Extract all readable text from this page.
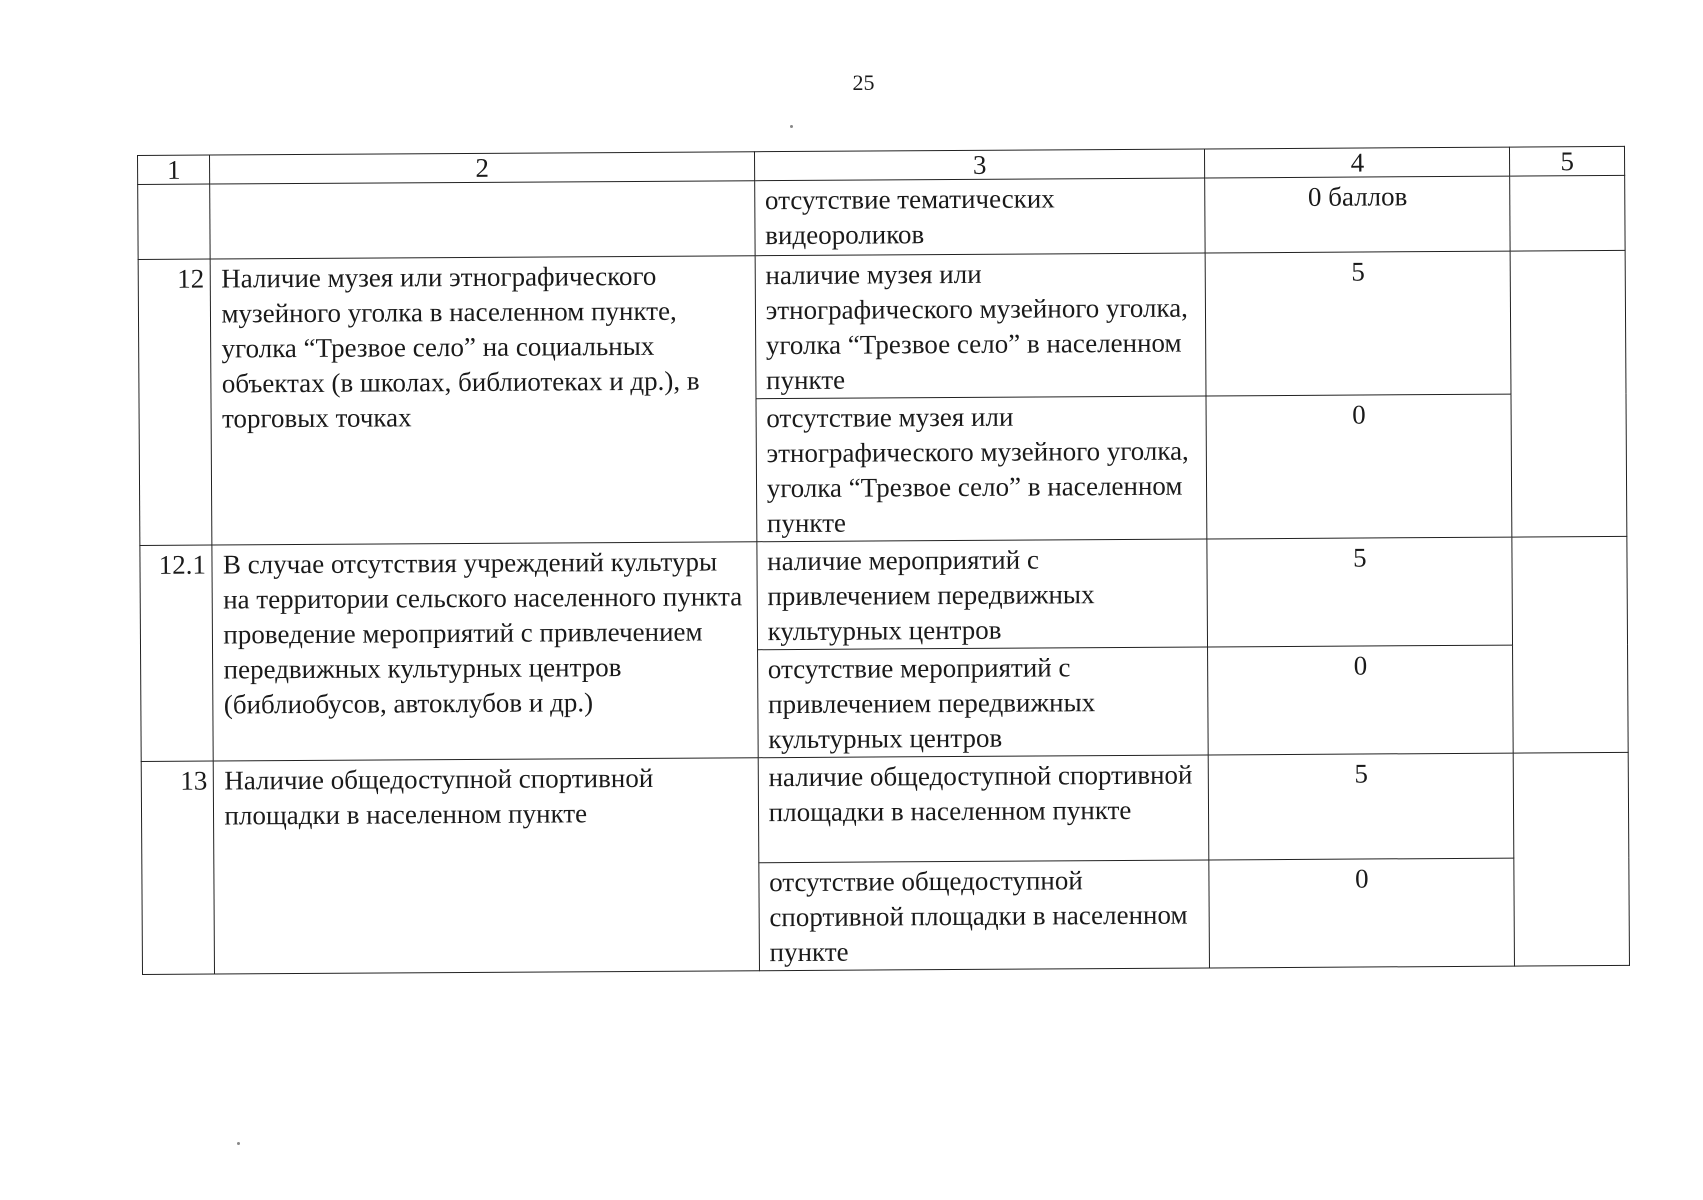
25
1	2	3	4	5
		отсутствие тематических видеороликов	0 баллов	
12	Наличие музея или этнографического музейного уголка в населенном пункте, уголка “Трезвое село” на социальных объектах (в школах, библиотеках и др.), в торговых точках	наличие музея или этнографического музейного уголка, уголка “Трезвое село” в населенном пункте	5	
		отсутствие музея или этнографического музейного уголка, уголка “Трезвое село” в населенном пункте	0	
12.1	В случае отсутствия учреждений культуры на территории сельского населенного пункта проведение мероприятий с привлечением передвижных культурных центров (библиобусов, автоклубов и др.)	наличие мероприятий с привлечением передвижных культурных центров	5	
		отсутствие мероприятий с привлечением передвижных культурных центров	0	
13	Наличие общедоступной спортивной площадки в населенном пункте	наличие общедоступной спортивной площадки в населенном пункте	5	
		отсутствие общедоступной спортивной площадки в населенном пункте	0	
